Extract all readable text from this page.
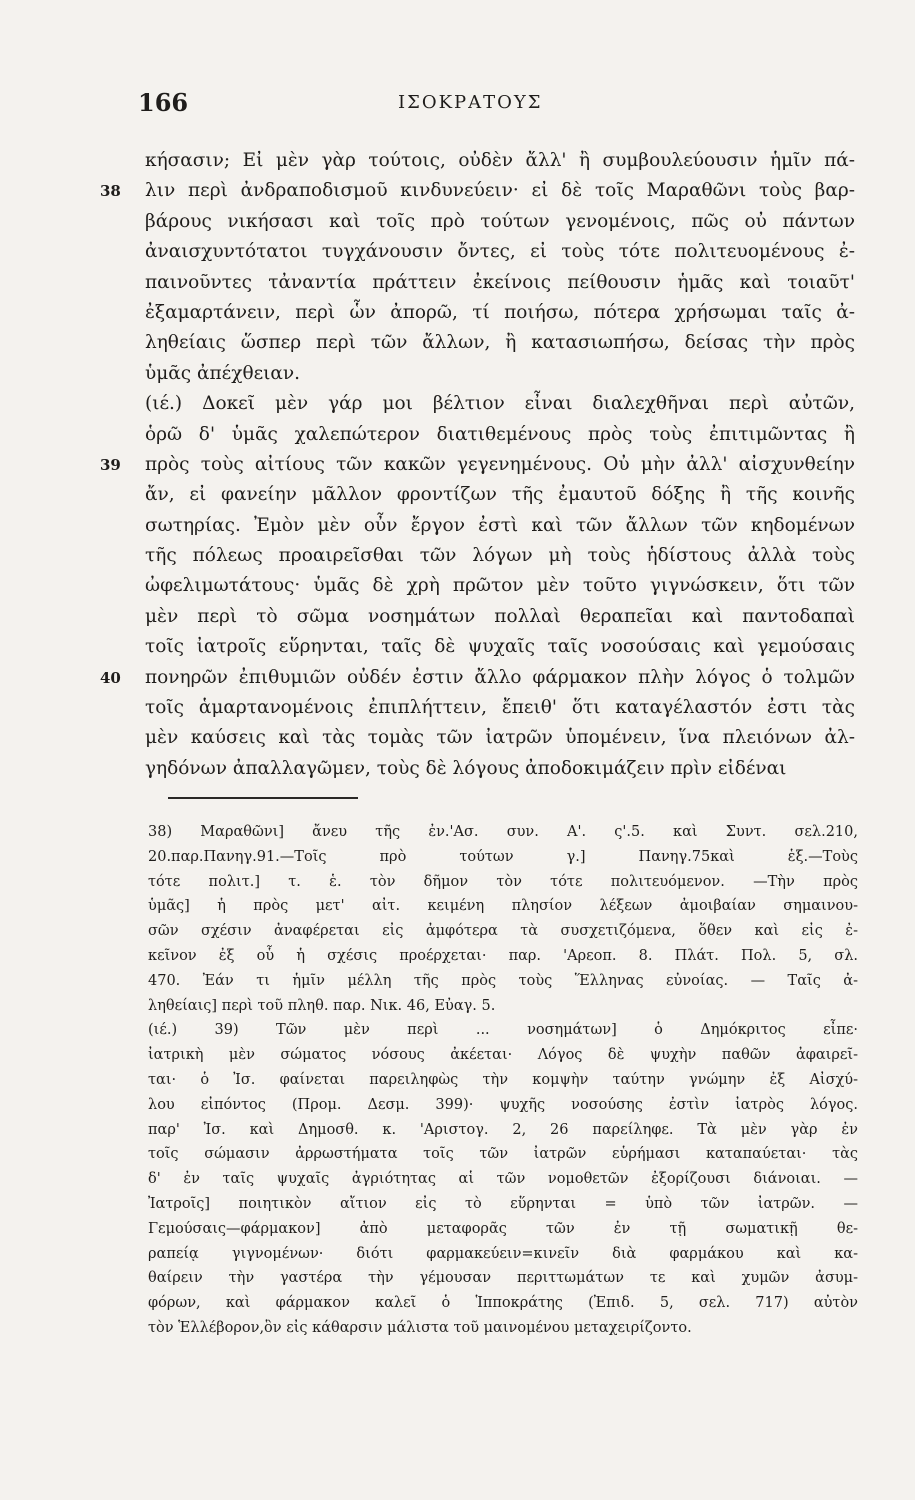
166	ΙΣΟΚΡΑΤΟΥΣ
κήσασιν; Εἰ μὲν γὰρ τούτοις, οὐδὲν ἄλλ' ἢ συμβουλεύουσιν ἡμῖν πά-
38 λιν περὶ ἀνδραποδισμοῦ κινδυνεύειν· εἰ δὲ τοῖς Μαραθῶνι τοὺς βαρ-
βάρους νικήσασι καὶ τοῖς πρὸ τούτων γενομένοις, πῶς οὐ πάντων
ἀναισχυντότατοι τυγχάνουσιν ὄντες, εἰ τοὺς τότε πολιτευομένους ἐ-
παινοῦντες τἀναντία πράττειν ἐκείνοις πείθουσιν ἡμᾶς καὶ τοιαῦτ'
ἐξαμαρτάνειν, περὶ ὧν ἀπορῶ, τί ποιήσω, πότερα χρήσωμαι ταῖς ἀ-
ληθείαις ὥσπερ περὶ τῶν ἄλλων, ἢ κατασιωπήσω, δείσας τὴν πρὸς
ὑμᾶς ἀπέχθειαν.
(ιέ.) Δοκεῖ μὲν γάρ μοι βέλτιον εἶναι διαλεχθῆναι περὶ αὐτῶν,
ὁρῶ δ' ὑμᾶς χαλεπώτερον διατιθεμένους πρὸς τοὺς ἐπιτιμῶντας ἢ
39 πρὸς τοὺς αἰτίους τῶν κακῶν γεγενημένους. Οὐ μὴν ἀλλ' αἰσχυνθείην
ἄν, εἰ φανείην μᾶλλον φροντίζων τῆς ἐμαυτοῦ δόξης ἢ τῆς κοινῆς
σωτηρίας. Ἐμὸν μὲν οὖν ἔργον ἐστὶ καὶ τῶν ἄλλων τῶν κηδομένων
τῆς πόλεως προαιρεῖσθαι τῶν λόγων μὴ τοὺς ἡδίστους ἀλλὰ τοὺς
ὠφελιμωτάτους· ὑμᾶς δὲ χρὴ πρῶτον μὲν τοῦτο γιγνώσκειν, ὅτι τῶν
μὲν περὶ τὸ σῶμα νοσημάτων πολλαὶ θεραπεῖαι καὶ παντοδαπαὶ
τοῖς ἰατροῖς εὕρηνται, ταῖς δὲ ψυχαῖς ταῖς νοσούσαις καὶ γεμούσαις
40 πονηρῶν ἐπιθυμιῶν οὐδέν ἐστιν ἄλλο φάρμακον πλὴν λόγος ὁ τολμῶν
τοῖς ἁμαρτανομένοις ἐπιπλήττειν, ἔπειθ' ὅτι καταγέλαστόν ἐστι τὰς
μὲν καύσεις καὶ τὰς τομὰς τῶν ἰατρῶν ὑπομένειν, ἵνα πλειόνων ἀλ-
γηδόνων ἀπαλλαγῶμεν, τοὺς δὲ λόγους ἀποδοκιμάζειν πρὶν εἰδέναι
38) Μαραθῶνι] ἄνευ τῆς ἐν.'Ασ. συν. Α'. ς'.5. καὶ Συντ. σελ.210,
20.παρ.Πανηγ.91.—Τοῖς πρὸ τούτων γ.] Πανηγ.75καὶ ἑξ.—Τοὺς
τότε πολιτ.] τ. ἑ. τὸν δῆμον τὸν τότε πολιτευόμενον. —Τὴν πρὸς
ὑμᾶς] ἡ πρὸς μετ' αἰτ. κειμένη πλησίον λέξεων ἀμοιβαίαν σημαινου-
σῶν σχέσιν ἀναφέρεται εἰς ἀμφότερα τὰ συσχετιζόμενα, ὅθεν καὶ εἰς ἐ-
κεῖνον ἐξ οὗ ἡ σχέσις προέρχεται· παρ. 'Αρεοπ. 8. Πλάτ. Πολ. 5, σλ.
470. Ἐάν τι ἡμῖν μέλλη τῆς πρὸς τοὺς Ἕλληνας εὐνοίας. — Ταῖς ἀ-
ληθείαις] περὶ τοῦ πληθ. παρ. Νικ. 46, Εὐαγ. 5.
(ιέ.) 39) Τῶν μὲν περὶ ... νοσημάτων] ὁ Δημόκριτος εἶπε·
ἰατρικὴ μὲν σώματος νόσους ἀκέεται· Λόγος δὲ ψυχὴν παθῶν ἀφαιρεῖ-
ται· ὁ Ἰσ. φαίνεται παρειληφὼς τὴν κομψὴν ταύτην γνώμην ἐξ Αἰσχύ-
λου εἰπόντος (Προμ. Δεσμ. 399)· ψυχῆς νοσούσης ἐστὶν ἰατρὸς λόγος.
παρ' Ἰσ. καὶ Δημοσθ. κ. 'Αριστογ. 2, 26 παρείληφε. Τὰ μὲν γὰρ ἐν
τοῖς σώμασιν ἀρρωστήματα τοῖς τῶν ἰατρῶν εὑρήμασι καταπαύεται· τὰς
δ' ἐν ταῖς ψυχαῖς ἀγριότητας αἱ τῶν νομοθετῶν ἐξορίζουσι διάνοιαι. —
Ἰατροῖς] ποιητικὸν αἴτιον εἰς τὸ εὕρηνται = ὑπὸ τῶν ἰατρῶν. —
Γεμούσαις—φάρμακον] ἀπὸ μεταφορᾶς τῶν ἐν τῇ σωματικῇ θε-
ραπείᾳ γιγνομένων· διότι φαρμακεύειν=κινεῖν διὰ φαρμάκου καὶ κα-
θαίρειν τὴν γαστέρα τὴν γέμουσαν περιττωμάτων τε καὶ χυμῶν ἀσυμ-
φόρων, καὶ φάρμακον καλεῖ ὁ Ἱπποκράτης (Ἐπιδ. 5, σελ. 717) αὐτὸν
τὸν Ἑλλέβορον,ὃν εἰς κάθαρσιν μάλιστα τοῦ μαινομένου μεταχειρίζοντο.
